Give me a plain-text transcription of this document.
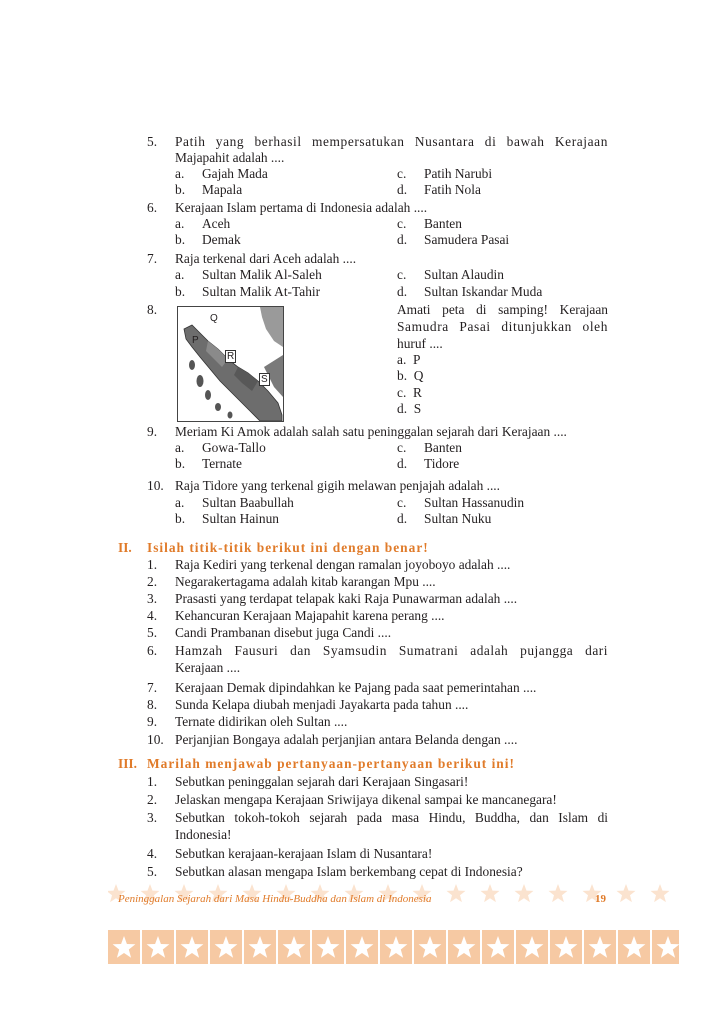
5. Patih yang berhasil mempersatukan Nusantara di bawah Kerajaan
Majapahit adalah ....
a. Gajah Mada	c. Patih Narubi
b. Mapala	d. Fatih Nola
6. Kerajaan Islam pertama di Indonesia adalah ....
a. Aceh	c. Banten
b. Demak	d. Samudera Pasai
7. Raja terkenal dari Aceh adalah ....
a. Sultan Malik Al-Saleh	c. Sultan Alaudin
b. Sultan Malik At-Tahir	d. Sultan Iskandar Muda
8.
Q
P
R
S
Amati peta di samping! Kerajaan
Samudra Pasai ditunjukkan oleh
huruf ....
a.  P
b.  Q
c.  R
d.  S
9. Meriam Ki Amok adalah salah satu peninggalan sejarah dari Kerajaan ....
a. Gowa-Tallo	c. Banten
b. Ternate	d. Tidore
10. Raja Tidore yang terkenal gigih melawan penjajah adalah ....
a. Sultan Baabullah	c. Sultan Hassanudin
b. Sultan Hainun	d. Sultan Nuku
II. Isilah titik-titik berikut ini dengan benar!
1. Raja Kediri yang terkenal dengan ramalan joyoboyo adalah ....
2. Negarakertagama adalah kitab karangan Mpu ....
3. Prasasti yang terdapat telapak kaki Raja Punawarman adalah ....
4. Kehancuran Kerajaan Majapahit karena perang ....
5. Candi Prambanan disebut juga Candi ....
6. Hamzah Fausuri dan Syamsudin Sumatrani adalah pujangga dari
Kerajaan ....
7. Kerajaan Demak dipindahkan ke Pajang pada saat pemerintahan ....
8. Sunda Kelapa diubah menjadi Jayakarta pada tahun ....
9. Ternate didirikan oleh Sultan ....
10. Perjanjian Bongaya adalah perjanjian antara Belanda dengan ....
III. Marilah menjawab pertanyaan-pertanyaan berikut ini!
1. Sebutkan peninggalan sejarah dari Kerajaan Singasari!
2. Jelaskan mengapa Kerajaan Sriwijaya dikenal sampai ke mancanegara!
3. Sebutkan tokoh-tokoh sejarah pada masa Hindu, Buddha, dan Islam di
Indonesia!
4. Sebutkan kerajaan-kerajaan Islam di Nusantara!
5. Sebutkan alasan mengapa Islam berkembang cepat di Indonesia?
Peninggalan Sejarah dari Masa Hindu-Buddha dan Islam di Indonesia	19
